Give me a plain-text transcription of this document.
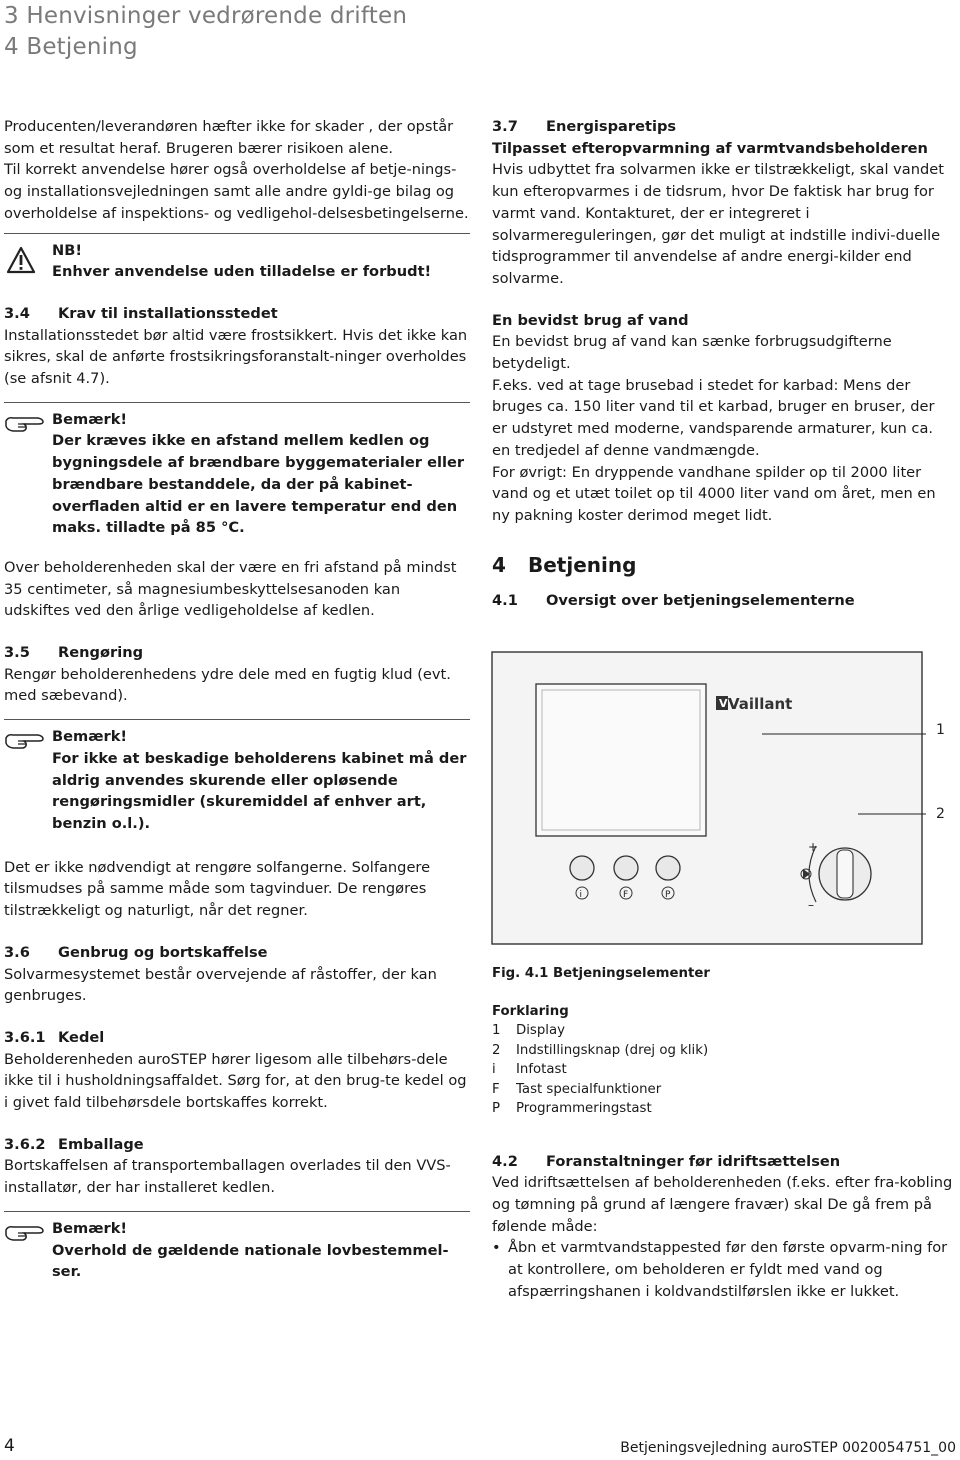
3 Henvisninger vedrørende driften
4 Betjening

Producenten/leverandøren hæfter ikke for skader , der opstår som et resultat heraf. Brugeren bærer risikoen alene.

Til korrekt anvendelse hører også overholdelse af betje-nings- og installationsvejledningen samt alle andre gyldi-ge bilag og overholdelse af inspektions- og vedligehol-delsesbetingelserne.

NB!

Enhver anvendelse uden tilladelse er forbudt!

3.4 Krav til installationsstedet

Installationsstedet bør altid være frostsikkert. Hvis det ikke kan sikres, skal de anførte frostsikringsforanstalt-ninger overholdes (se afsnit 4.7).

Bemærk!

Der kræves ikke en afstand mellem kedlen og bygningsdele af brændbare byggematerialer eller brændbare bestanddele, da der på kabinet-overfladen altid er en lavere temperatur end den maks. tilladte på 85 °C.

Over beholderenheden skal der være en fri afstand på mindst 35 centimeter, så magnesiumbeskyttelsesanoden kan udskiftes ved den årlige vedligeholdelse af kedlen.

3.5 Rengøring

Rengør beholderenhedens ydre dele med en fugtig klud (evt. med sæbevand).

Bemærk!

For ikke at beskadige beholderens kabinet må der aldrig anvendes skurende eller opløsende rengøringsmidler (skuremiddel af enhver art, benzin o.l.).

Det er ikke nødvendigt at rengøre solfangerne. Solfangere tilsmudses på samme måde som tagvinduer. De rengøres tilstrækkeligt og naturligt, når det regner.

3.6 Genbrug og bortskaffelse

Solvarmesystemet består overvejende af råstoffer, der kan genbruges.

3.6.1 Kedel

Beholderenheden auroSTEP hører ligesom alle tilbehørs-dele ikke til i husholdningsaffaldet. Sørg for, at den brug-te kedel og i givet fald tilbehørsdele bortskaffes korrekt.

3.6.2 Emballage

Bortskaffelsen af transportemballagen overlades til den VVS-installatør, der har installeret kedlen.

Bemærk!

Overhold de gældende nationale lovbestemmel-ser.

3.7 Energisparetips

Tilpasset efteropvarmning af varmtvandsbeholderen

Hvis udbyttet fra solvarmen ikke er tilstrækkeligt, skal vandet kun efteropvarmes i de tidsrum, hvor De faktisk har brug for varmt vand. Kontakturet, der er integreret i solvarmereguleringen, gør det muligt at indstille indivi-duelle tidsprogrammer til anvendelse af andre energi-kilder end solvarme.

En bevidst brug af vand

En bevidst brug af vand kan sænke forbrugsudgifterne betydeligt.

F.eks. ved at tage brusebad i stedet for karbad: Mens der bruges ca. 150 liter vand til et karbad, bruger en bruser, der er udstyret med moderne, vandsparende armaturer, kun ca. en tredjedel af denne vandmængde.

For øvrigt: En dryppende vandhane spilder op til 2000 liter vand og et utæt toilet op til 4000 liter vand om året, men en ny pakning koster derimod meget lidt.

4 Betjening

4.1 Oversigt over betjeningselementerne

V Vaillant
1
2
i	F	P
+
–

Fig. 4.1 Betjeningselementer

Forklaring

1	Display
2	Indstillingsknap (drej og klik)
i	Infotast
F	Tast specialfunktioner
P	Programmeringstast

4.2 Foranstaltninger før idriftsættelsen

Ved idriftsættelsen af beholderenheden (f.eks. efter fra-kobling og tømning på grund af længere fravær) skal De gå frem på følende måde:

• Åbn et varmtvandstappested før den første opvarm-ning for at kontrollere, om beholderen er fyldt med vand og afspærringshanen i koldvandstilførslen ikke er lukket.

4	Betjeningsvejledning auroSTEP 0020054751_00
